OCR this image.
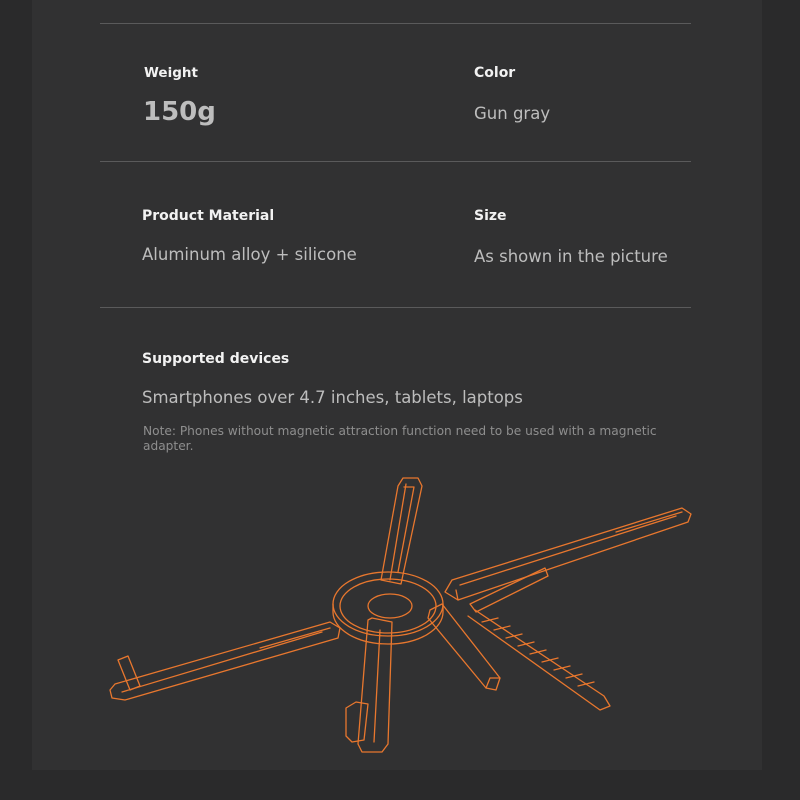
Weight
150g
Color
Gun gray
Product Material
Aluminum alloy + silicone
Size
As shown in the picture
Supported devices
Smartphones over 4.7 inches, tablets, laptops
Note: Phones without magnetic attraction function need to be used with a magnetic adapter.
